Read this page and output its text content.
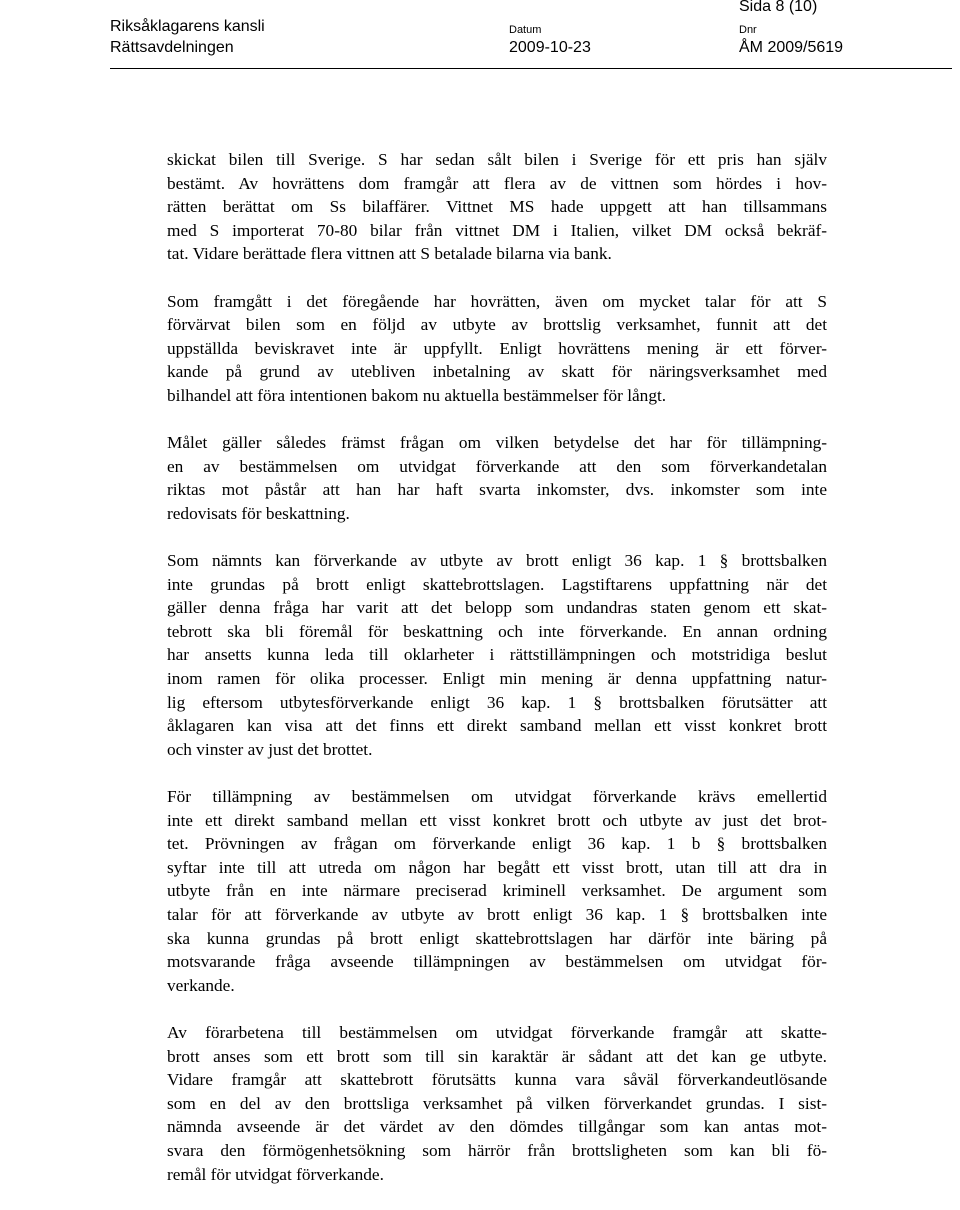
Riksåklagarens kansli
Rättsavdelningen
Datum
2009-10-23
Dnr
ÅM 2009/5619
Sida 8 (10)
skickat bilen till Sverige. S har sedan sålt bilen i Sverige för ett pris han själv
bestämt. Av hovrättens dom framgår att flera av de vittnen som hördes i hov-
rätten berättat om Ss bilaffärer. Vittnet MS hade uppgett att han tillsammans
med S importerat 70-80 bilar från vittnet DM i Italien, vilket DM också bekräf-
tat. Vidare berättade flera vittnen att S betalade bilarna via bank.
Som framgått i det föregående har hovrätten, även om mycket talar för att S
förvärvat bilen som en följd av utbyte av brottslig verksamhet, funnit att det
uppställda beviskravet inte är uppfyllt. Enligt hovrättens mening är ett förver-
kande på grund av utebliven inbetalning av skatt för näringsverksamhet med
bilhandel att föra intentionen bakom nu aktuella bestämmelser för långt.
Målet gäller således främst frågan om vilken betydelse det har för tillämpning-
en av bestämmelsen om utvidgat förverkande att den som förverkandetalan
riktas mot påstår att han har haft svarta inkomster, dvs. inkomster som inte
redovisats för beskattning.
Som nämnts kan förverkande av utbyte av brott enligt 36 kap. 1 § brottsbalken
inte grundas på brott enligt skattebrottslagen. Lagstiftarens uppfattning när det
gäller denna fråga har varit att det belopp som undandras staten genom ett skat-
tebrott ska bli föremål för beskattning och inte förverkande. En annan ordning
har ansetts kunna leda till oklarheter i rättstillämpningen och motstridiga beslut
inom ramen för olika processer. Enligt min mening är denna uppfattning natur-
lig eftersom utbytesförverkande enligt 36 kap. 1 § brottsbalken förutsätter att
åklagaren kan visa att det finns ett direkt samband mellan ett visst konkret brott
och vinster av just det brottet.
För tillämpning av bestämmelsen om utvidgat förverkande krävs emellertid
inte ett direkt samband mellan ett visst konkret brott och utbyte av just det brot-
tet. Prövningen av frågan om förverkande enligt 36 kap. 1 b § brottsbalken
syftar inte till att utreda om någon har begått ett visst brott, utan till att dra in
utbyte från en inte närmare preciserad kriminell verksamhet. De argument som
talar för att förverkande av utbyte av brott enligt 36 kap. 1 § brottsbalken inte
ska kunna grundas på brott enligt skattebrottslagen har därför inte bäring på
motsvarande fråga avseende tillämpningen av bestämmelsen om utvidgat för-
verkande.
Av förarbetena till bestämmelsen om utvidgat förverkande framgår att skatte-
brott anses som ett brott som till sin karaktär är sådant att det kan ge utbyte.
Vidare framgår att skattebrott förutsätts kunna vara såväl förverkandeutlösande
som en del av den brottsliga verksamhet på vilken förverkandet grundas. I sist-
nämnda avseende är det värdet av den dömdes tillgångar som kan antas mot-
svara den förmögenhetsökning som härrör från brottsligheten som kan bli fö-
remål för utvidgat förverkande.
